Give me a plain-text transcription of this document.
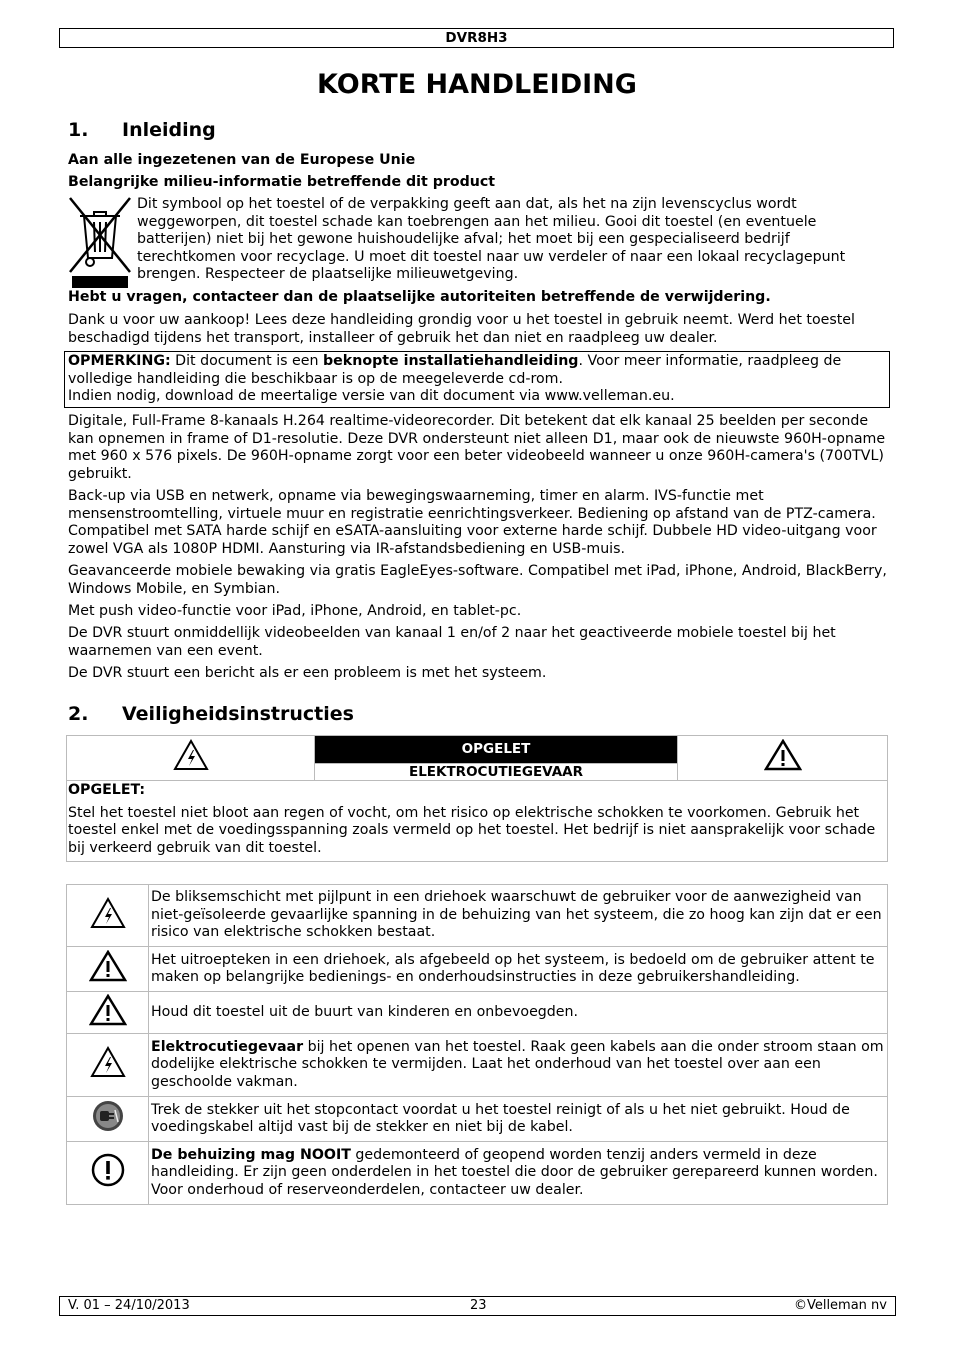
DVR8H3
KORTE HANDLEIDING
1. Inleiding
Aan alle ingezetenen van de Europese Unie
Belangrijke milieu-informatie betreffende dit product
Dit symbool op het toestel of de verpakking geeft aan dat, als het na zijn levenscyclus wordt weggeworpen, dit toestel schade kan toebrengen aan het milieu. Gooi dit toestel (en eventuele batterijen) niet bij het gewone huishoudelijke afval; het moet bij een gespecialiseerd bedrijf terechtkomen voor recyclage. U moet dit toestel naar uw verdeler of naar een lokaal recyclagepunt brengen. Respecteer de plaatselijke milieuwetgeving.
Hebt u vragen, contacteer dan de plaatselijke autoriteiten betreffende de verwijdering.
Dank u voor uw aankoop! Lees deze handleiding grondig voor u het toestel in gebruik neemt. Werd het toestel beschadigd tijdens het transport, installeer of gebruik het dan niet en raadpleeg uw dealer.

OPMERKING: Dit document is een beknopte installatiehandleiding. Voor meer informatie, raadpleeg de volledige handleiding die beschikbaar is op de meegeleverde cd-rom.

Indien nodig, download de meertalige versie van dit document via www.velleman.eu.

Digitale, Full-Frame 8-kanaals H.264 realtime-videorecorder. Dit betekent dat elk kanaal 25 beelden per seconde kan opnemen in frame of D1-resolutie. Deze DVR ondersteunt niet alleen D1, maar ook de nieuwste 960H-opname met 960 x 576 pixels. De 960H-opname zorgt voor een beter videobeeld wanneer u onze 960H-camera's (700TVL) gebruikt.
Back-up via USB en netwerk, opname via bewegingswaarneming, timer en alarm. IVS-functie met mensenstroomtelling, virtuele muur en registratie eenrichtingsverkeer. Bediening op afstand van de PTZ-camera. Compatibel met SATA harde schijf en eSATA-aansluiting voor externe harde schijf. Dubbele HD video-uitgang voor zowel VGA als 1080P HDMI. Aansturing via IR-afstandsbediening en USB-muis.
Geavanceerde mobiele bewaking via gratis EagleEyes-software. Compatibel met iPad, iPhone, Android, BlackBerry, Windows Mobile, en Symbian.
Met push video-functie voor iPad, iPhone, Android, en tablet-pc.
De DVR stuurt onmiddellijk videobeelden van kanaal 1 en/of 2 naar het geactiveerde mobiele toestel bij het waarnemen van een event.
De DVR stuurt een bericht als er een probleem is met het systeem.
2. Veiligheidsinstructies
	OPGELET	
ELEKTROCUTIEGEVAAR

OPGELET:

Stel het toestel niet bloot aan regen of vocht, om het risico op elektrische schokken te voorkomen. Gebruik het toestel enkel met de voedingsspanning zoals vermeld op het toestel. Het bedrijf is niet aansprakelijk voor schade bij verkeerd gebruik van dit toestel.

	De bliksemschicht met pijlpunt in een driehoek waarschuwt de gebruiker voor de aanwezigheid van niet-geïsoleerde gevaarlijke spanning in de behuizing van het systeem, die zo hoog kan zijn dat er een risico van elektrische schokken bestaat.
	Het uitroepteken in een driehoek, als afgebeeld op het systeem, is bedoeld om de gebruiker attent te maken op belangrijke bedienings- en onderhoudsinstructies in deze gebruikershandleiding.
	Houd dit toestel uit de buurt van kinderen en onbevoegden.
	Elektrocutiegevaar bij het openen van het toestel. Raak geen kabels aan die onder stroom staan om dodelijke elektrische schokken te vermijden. Laat het onderhoud van het toestel over aan een geschoolde vakman.
	Trek de stekker uit het stopcontact voordat u het toestel reinigt of als u het niet gebruikt. Houd de voedingskabel altijd vast bij de stekker en niet bij de kabel.
	De behuizing mag NOOIT gedemonteerd of geopend worden tenzij anders vermeld in deze handleiding. Er zijn geen onderdelen in het toestel die door de gebruiker gerepareerd kunnen worden. Voor onderhoud of reserveonderdelen, contacteer uw dealer.
V. 01 – 24/10/2013	23	©Velleman nv
